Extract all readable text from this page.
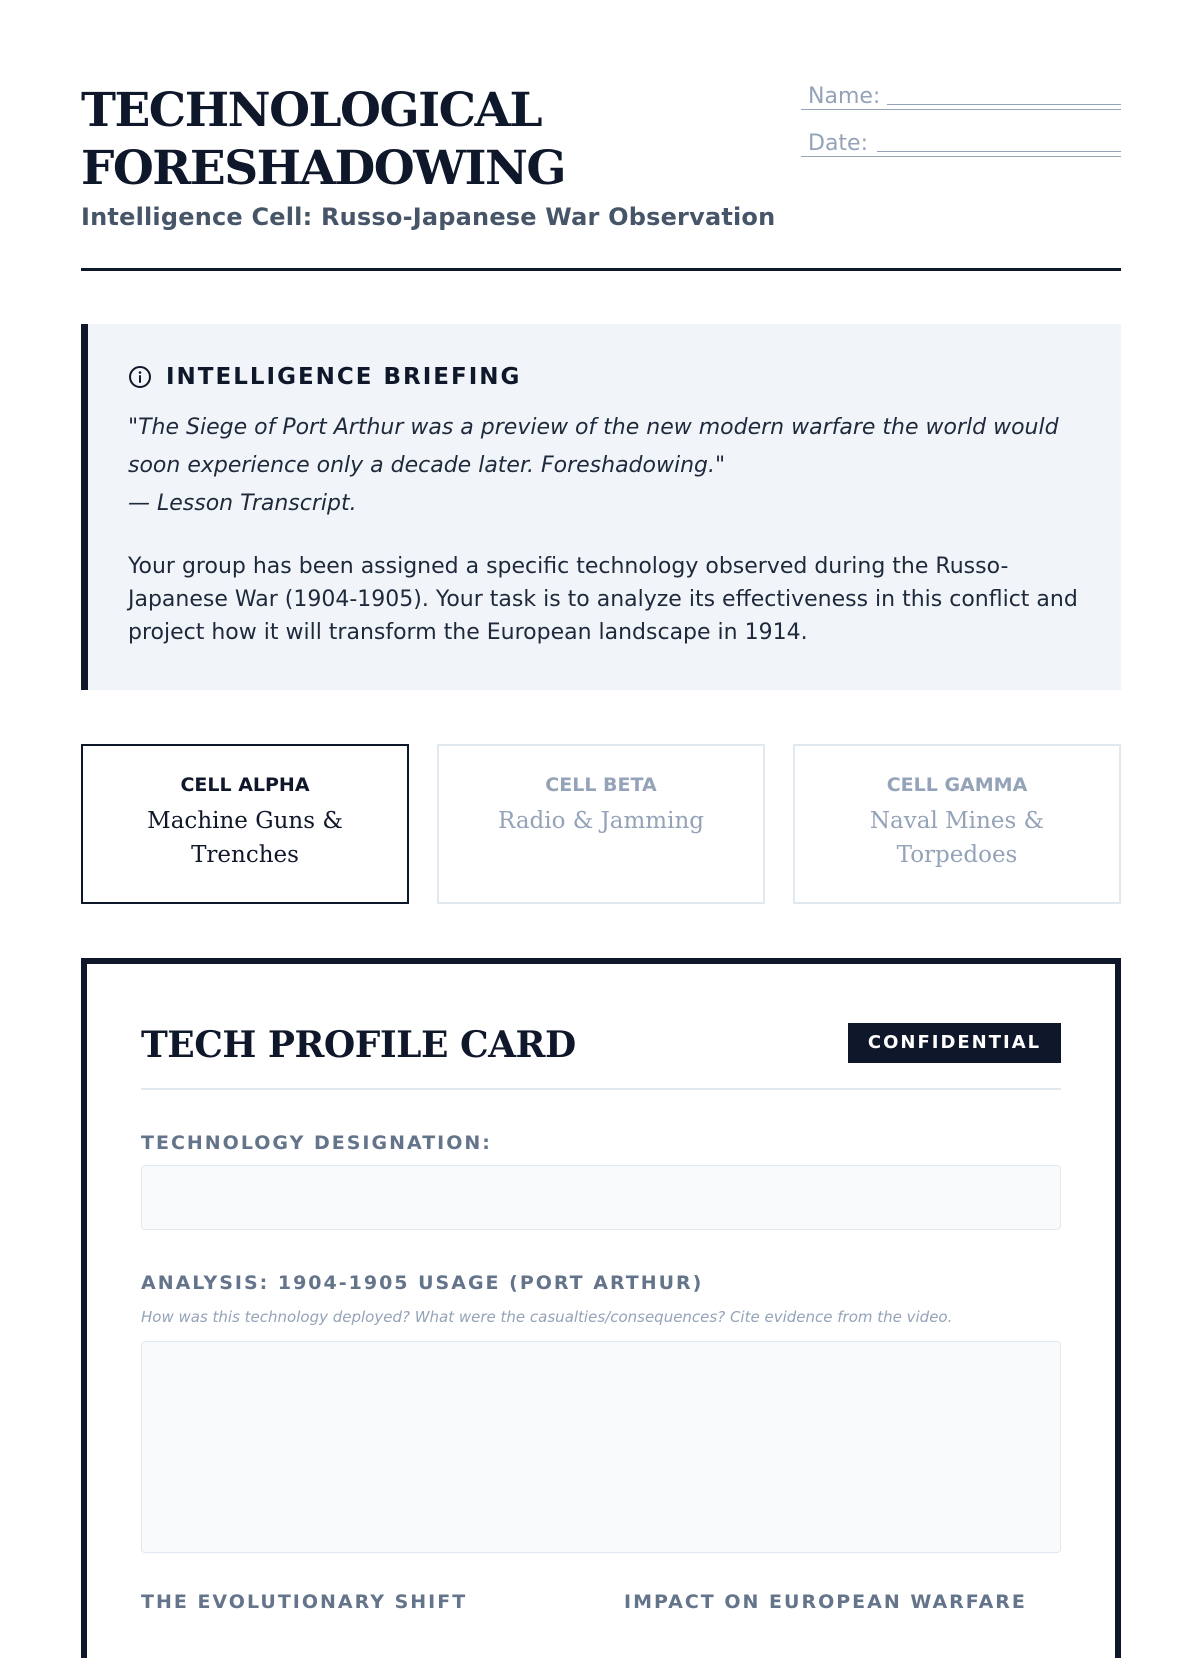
TECHNOLOGICAL
FORESHADOWING
Intelligence Cell: Russo-Japanese War Observation
Name:
Date:
INTELLIGENCE BRIEFING
"The Siege of Port Arthur was a preview of the new modern warfare the world would soon experience only a decade later. Foreshadowing."
— Lesson Transcript.
Your group has been assigned a specific technology observed during the Russo-Japanese War (1904-1905). Your task is to analyze its effectiveness in this conflict and project how it will transform the European landscape in 1914.
CELL ALPHA
Machine Guns & Trenches
CELL BETA
Radio & Jamming
CELL GAMMA
Naval Mines & Torpedoes
TECH PROFILE CARD	CONFIDENTIAL
TECHNOLOGY DESIGNATION:
ANALYSIS: 1904-1905 USAGE (PORT ARTHUR)
How was this technology deployed? What were the casualties/consequences? Cite evidence from the video.
THE EVOLUTIONARY SHIFT	IMPACT ON EUROPEAN WARFARE
